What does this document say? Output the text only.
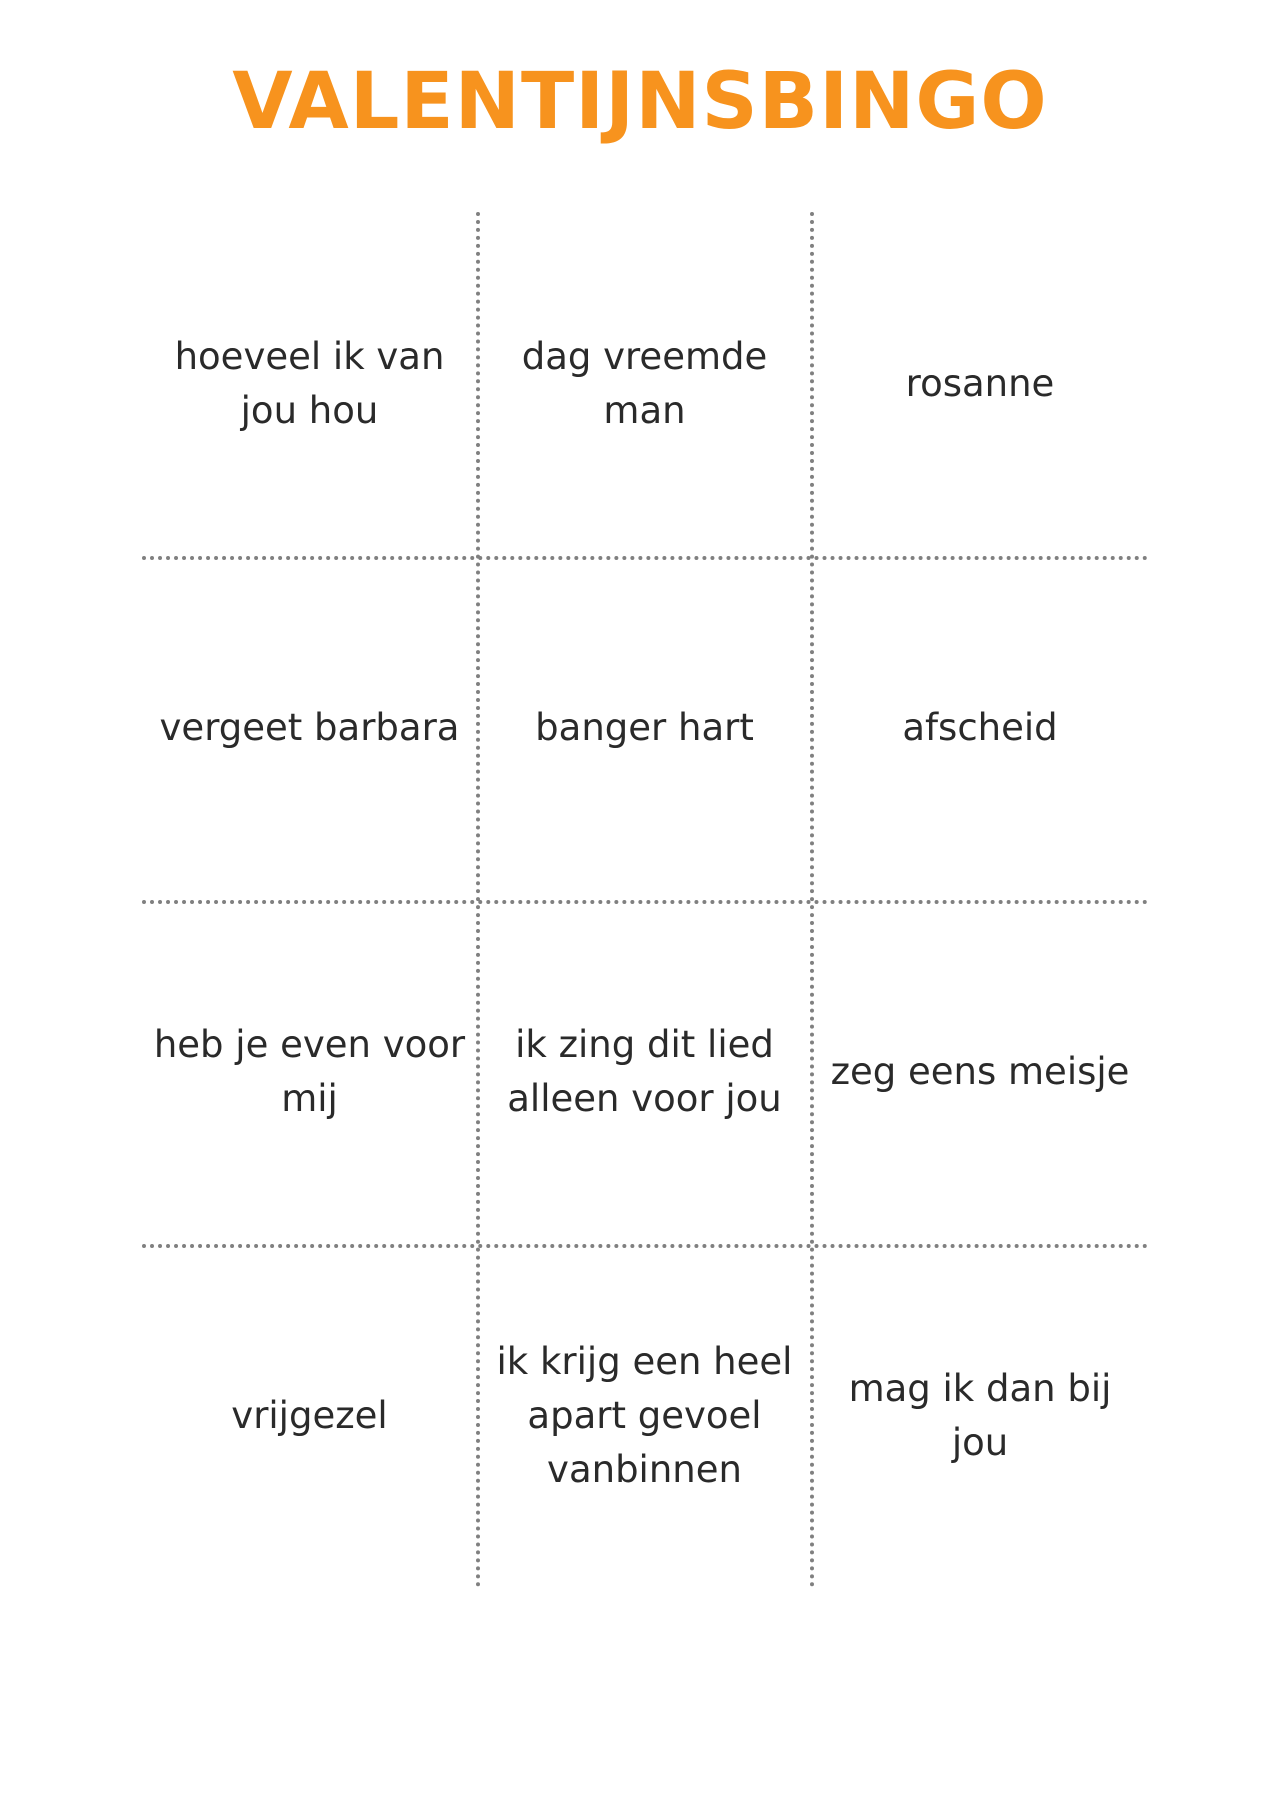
VALENTIJNSBINGO
hoeveel ik van jou hou
dag vreemde man
rosanne
vergeet barbara banger hart	afscheid
heb je even voor mij
ik zing dit lied alleen voor jou
zeg eens meisje
vrijgezel
ik krijg een heel apart gevoel vanbinnen
mag ik dan bij jou
